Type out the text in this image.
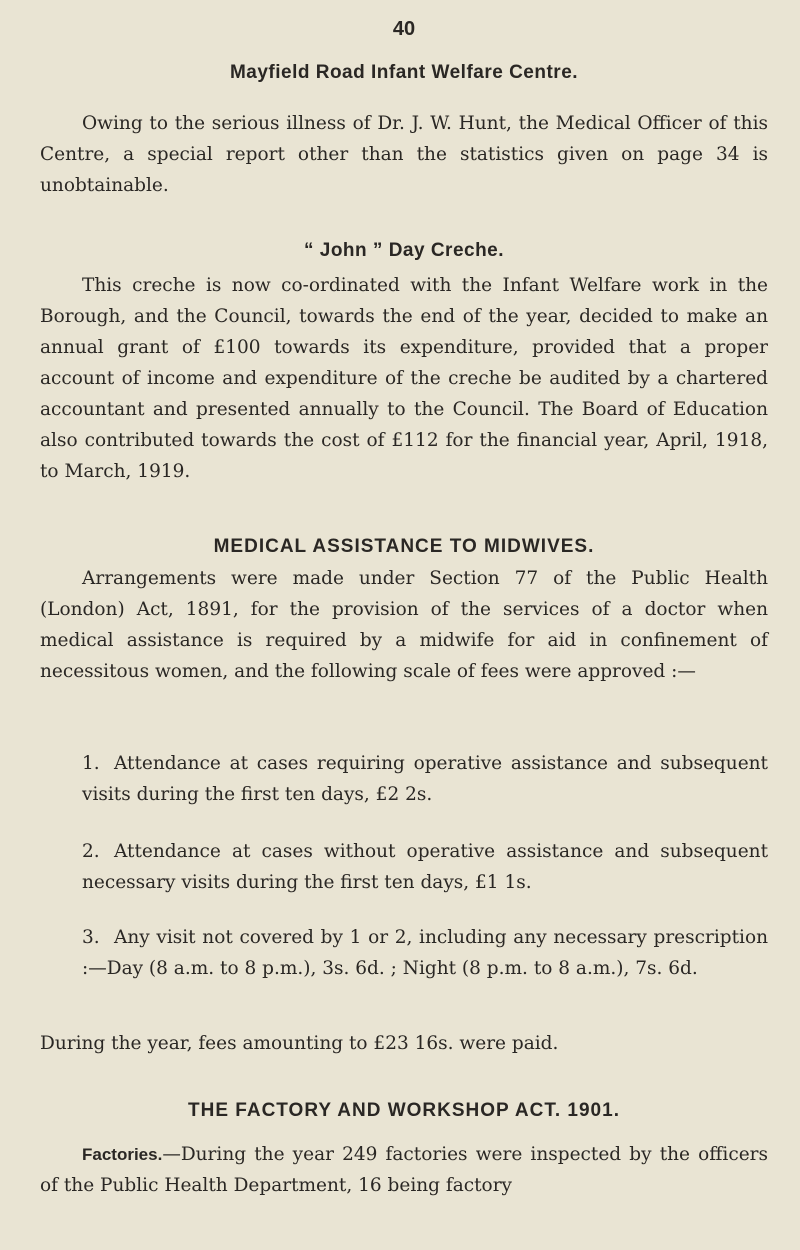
40
Mayfield Road Infant Welfare Centre.
Owing to the serious illness of Dr. J. W. Hunt, the Medical Officer of this Centre, a special report other than the statistics given on page 34 is unobtainable.
“ John ” Day Creche.
This creche is now co-ordinated with the Infant Welfare work in the Borough, and the Council, towards the end of the year, decided to make an annual grant of £100 towards its expenditure, provided that a proper account of income and expenditure of the creche be audited by a chartered accountant and presented annually to the Council. The Board of Education also contributed towards the cost of £112 for the financial year, April, 1918, to March, 1919.
MEDICAL ASSISTANCE TO MIDWIVES.
Arrangements were made under Section 77 of the Public Health (London) Act, 1891, for the provision of the services of a doctor when medical assistance is required by a midwife for aid in confinement of necessitous women, and the following scale of fees were approved :—
1. Attendance at cases requiring operative assistance and subsequent visits during the first ten days, £2 2s.
2. Attendance at cases without operative assistance and subsequent necessary visits during the first ten days, £1 1s.
3. Any visit not covered by 1 or 2, including any necessary prescription :—Day (8 a.m. to 8 p.m.), 3s. 6d. ; Night (8 p.m. to 8 a.m.), 7s. 6d.
During the year, fees amounting to £23 16s. were paid.
THE FACTORY AND WORKSHOP ACT. 1901.
Factories.—During the year 249 factories were inspected by the officers of the Public Health Department, 16 being factory
